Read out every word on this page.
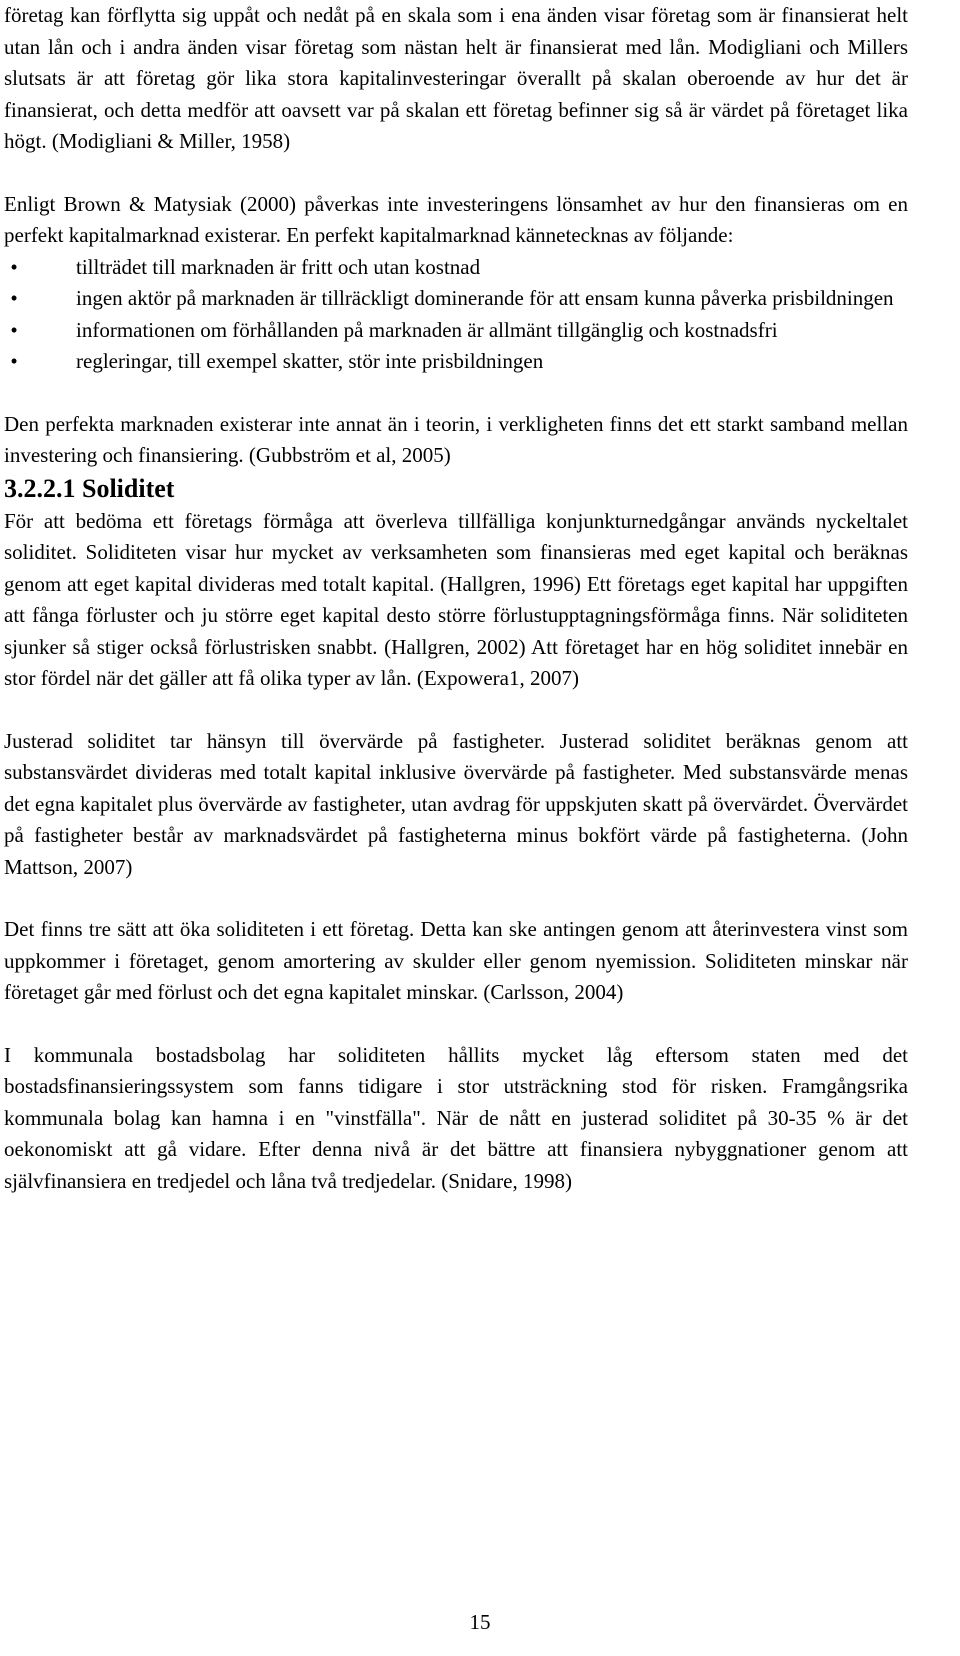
företag kan förflytta sig uppåt och nedåt på en skala som i ena änden visar företag som är finansierat helt utan lån och i andra änden visar företag som nästan helt är finansierat med lån. Modigliani och Millers slutsats är att företag gör lika stora kapitalinvesteringar överallt på skalan oberoende av hur det är finansierat, och detta medför att oavsett var på skalan ett företag befinner sig så är värdet på företaget lika högt. (Modigliani & Miller, 1958)

Enligt Brown & Matysiak (2000) påverkas inte investeringens lönsamhet av hur den finansieras om en perfekt kapitalmarknad existerar. En perfekt kapitalmarknad kännetecknas av följande:

•	tillträdet till marknaden är fritt och utan kostnad
•	ingen aktör på marknaden är tillräckligt dominerande för att ensam kunna påverka prisbildningen
•	informationen om förhållanden på marknaden är allmänt tillgänglig och kostnadsfri
•	regleringar, till exempel skatter, stör inte prisbildningen

Den perfekta marknaden existerar inte annat än i teorin, i verkligheten finns det ett starkt samband mellan investering och finansiering. (Gubbström et al, 2005)

3.2.2.1 Soliditet

För att bedöma ett företags förmåga att överleva tillfälliga konjunkturnedgångar används nyckeltalet soliditet. Soliditeten visar hur mycket av verksamheten som finansieras med eget kapital och beräknas genom att eget kapital divideras med totalt kapital. (Hallgren, 1996) Ett företags eget kapital har uppgiften att fånga förluster och ju större eget kapital desto större förlustupptagningsförmåga finns. När soliditeten sjunker så stiger också förlustrisken snabbt. (Hallgren, 2002) Att företaget har en hög soliditet innebär en stor fördel när det gäller att få olika typer av lån. (Expowera1, 2007)

Justerad soliditet tar hänsyn till övervärde på fastigheter. Justerad soliditet beräknas genom att substansvärdet divideras med totalt kapital inklusive övervärde på fastigheter. Med substansvärde menas det egna kapitalet plus övervärde av fastigheter, utan avdrag för uppskjuten skatt på övervärdet. Övervärdet på fastigheter består av marknadsvärdet på fastigheterna minus bokfört värde på fastigheterna. (John Mattson, 2007)

Det finns tre sätt att öka soliditeten i ett företag. Detta kan ske antingen genom att återinvestera vinst som uppkommer i företaget, genom amortering av skulder eller genom nyemission. Soliditeten minskar när företaget går med förlust och det egna kapitalet minskar. (Carlsson, 2004)

I kommunala bostadsbolag har soliditeten hållits mycket låg eftersom staten med det bostadsfinansieringssystem som fanns tidigare i stor utsträckning stod för risken. Framgångsrika kommunala bolag kan hamna i en "vinstfälla". När de nått en justerad soliditet på 30-35 % är det oekonomiskt att gå vidare. Efter denna nivå är det bättre att finansiera nybyggnationer genom att självfinansiera en tredjedel och låna två tredjedelar. (Snidare, 1998)

15
